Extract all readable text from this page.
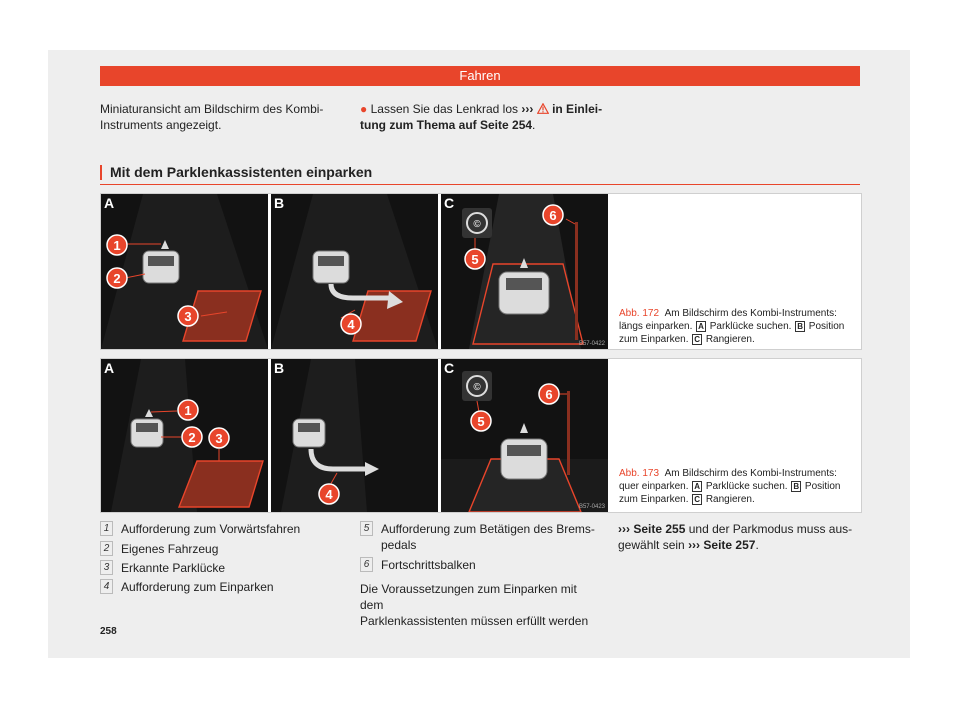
Fahren
Miniaturansicht am Bildschirm des Kombi-
Instruments angezeigt.
● Lassen Sie das Lenkrad los ››› in Einlei-
tung zum Thema auf Seite 254.
Mit dem Parklenkassistenten einparken
1
2
3
A
4
B
©
5
6
C
B57-0422
Abb. 172 Am Bildschirm des Kombi-Instruments:
längs einparken. A Parklücke suchen. B Position
zum Einparken. C Rangieren.
1
2 3
A
4
B
©
5
6
C
B57-0423
Abb. 173 Am Bildschirm des Kombi-Instruments:
quer einparken. A Parklücke suchen. B Position
zum Einparken. C Rangieren.
1 Aufforderung zum Vorwärtsfahren
2 Eigenes Fahrzeug
3 Erkannte Parklücke
4 Aufforderung zum Einparken
5 Aufforderung zum Betätigen des Brems-
pedals
6 Fortschrittsbalken
Die Voraussetzungen zum Einparken mit dem
Parklenkassistenten müssen erfüllt werden
››› Seite 255 und der Parkmodus muss aus-
gewählt sein ››› Seite 257.
258
